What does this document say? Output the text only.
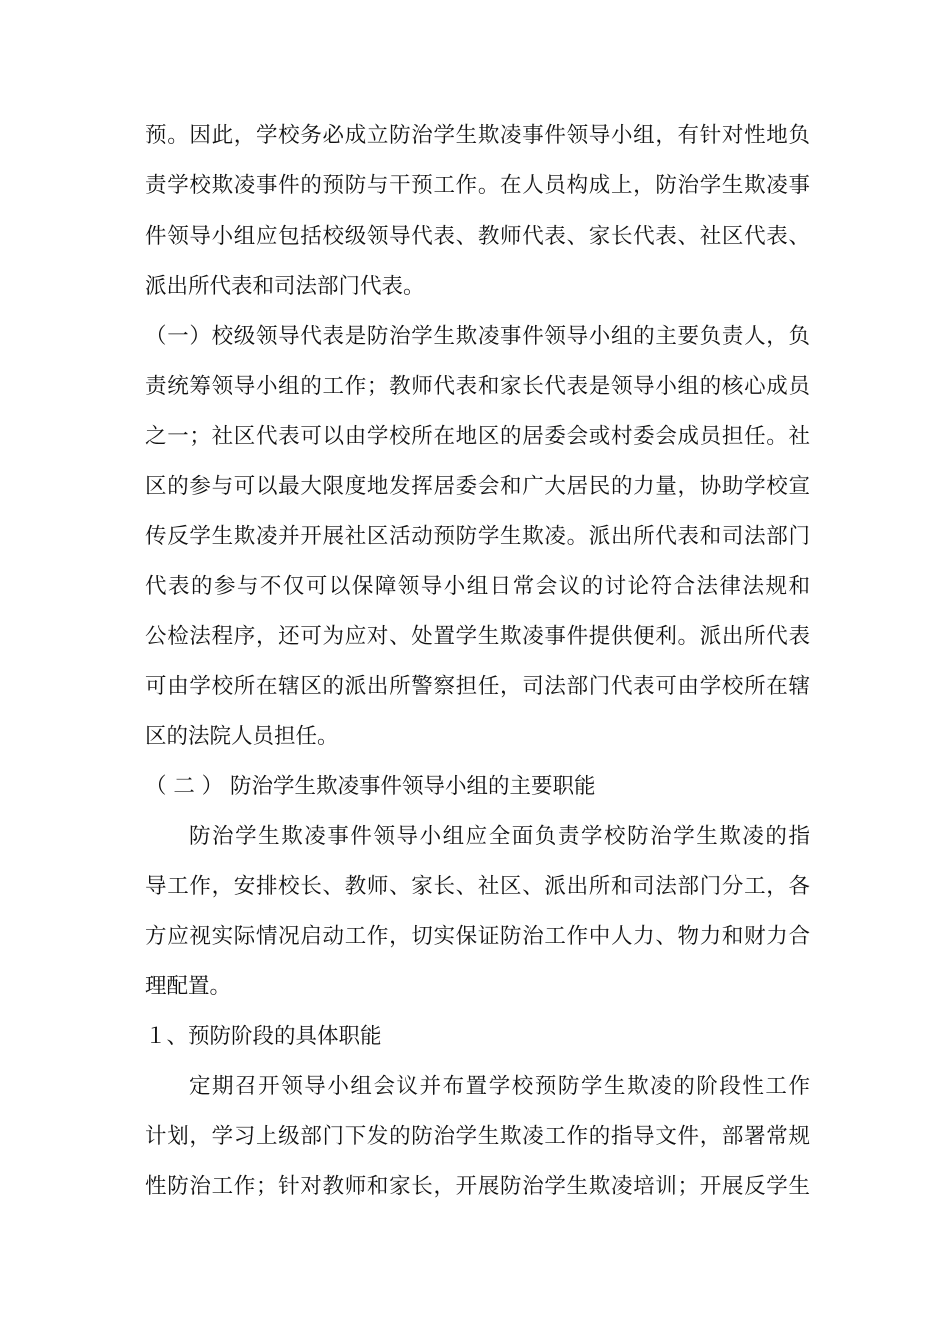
预。因此，学校务必成立防治学生欺凌事件领导小组，有针对性地负
责学校欺凌事件的预防与干预工作。在人员构成上，防治学生欺凌事
件领导小组应包括校级领导代表、教师代表、家长代表、社区代表、
派出所代表和司法部门代表。
（一）校级领导代表是防治学生欺凌事件领导小组的主要负责人，负
责统筹领导小组的工作；教师代表和家长代表是领导小组的核心成员
之一；社区代表可以由学校所在地区的居委会或村委会成员担任。社
区的参与可以最大限度地发挥居委会和广大居民的力量，协助学校宣
传反学生欺凌并开展社区活动预防学生欺凌。派出所代表和司法部门
代表的参与不仅可以保障领导小组日常会议的讨论符合法律法规和
公检法程序，还可为应对、处置学生欺凌事件提供便利。派出所代表
可由学校所在辖区的派出所警察担任，司法部门代表可由学校所在辖
区的法院人员担任。
（ 二 ） 防治学生欺凌事件领导小组的主要职能
防治学生欺凌事件领导小组应全面负责学校防治学生欺凌的指
导工作，安排校长、教师、家长、社区、派出所和司法部门分工，各
方应视实际情况启动工作，切实保证防治工作中人力、物力和财力合
理配置。
１、预防阶段的具体职能
定期召开领导小组会议并布置学校预防学生欺凌的阶段性工作
计划，学习上级部门下发的防治学生欺凌工作的指导文件，部署常规
性防治工作；针对教师和家长，开展防治学生欺凌培训；开展反学生
